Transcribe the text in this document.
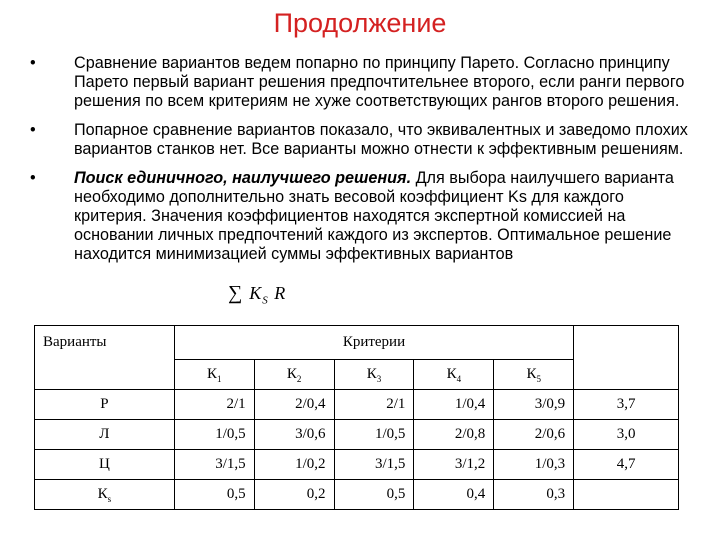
Продолжение
• Сравнение вариантов ведем попарно по принципу Парето. Согласно принципу Парето первый вариант решения предпочтительнее второго, если ранги первого решения по всем критериям не хуже соответствующих рангов второго решения.
• Попарное сравнение вариантов показало, что эквивалентных и заведомо плохих вариантов станков нет. Все варианты можно отнести к эффективным решениям.
• Поиск единичного, наилучшего решения. Для выбора наилучшего варианта необходимо дополнительно знать весовой коэффициент Ks для каждого критерия. Значения коэффициентов находятся экспертной комиссией на основании личных предпочтений каждого из экспертов. Оптимальное решение находится минимизацией суммы эффективных вариантов
∑ $K_S$ R
Варианты	Критерии					
	$К_1$	$К_2$	$К_3$	$К_4$	$К_5$
Р	2/1	2/0,4	2/1	1/0,4	3/0,9	3,7
Л	1/0,5	3/0,6	1/0,5	2/0,8	2/0,6	3,0
Ц	3/1,5	1/0,2	3/1,5	3/1,2	1/0,3	4,7
$К_s$	0,5	0,2	0,5	0,4	0,3	
